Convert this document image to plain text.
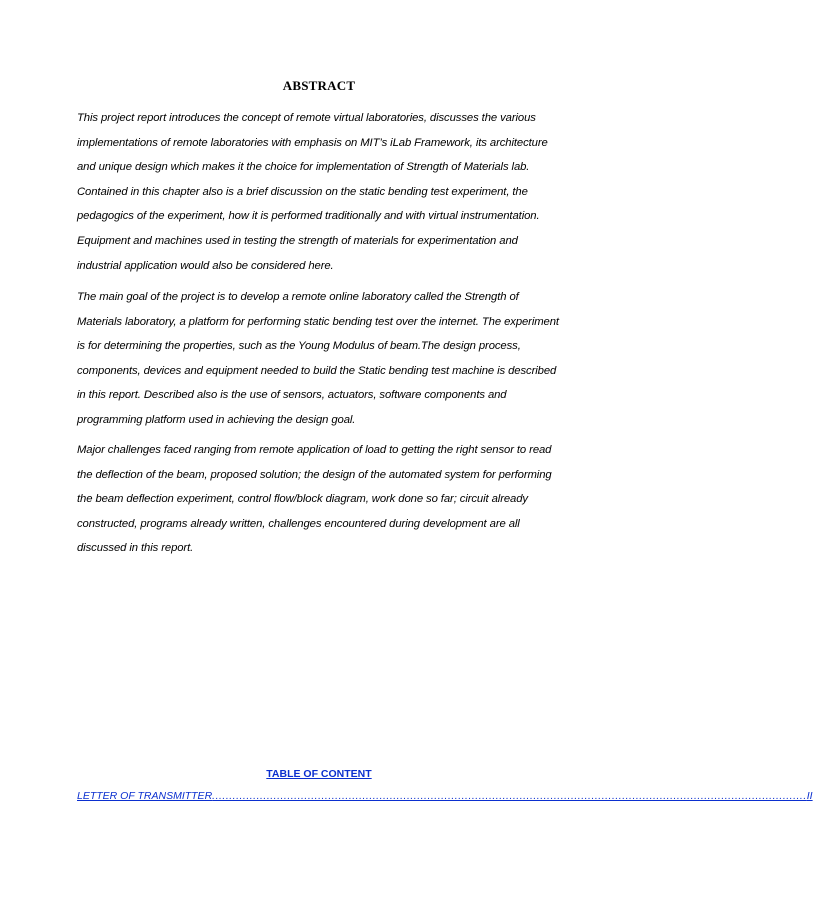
ABSTRACT

This project report introduces the concept of remote virtual laboratories, discusses the various implementations of remote laboratories with emphasis on MIT’s iLab Framework, its architecture and unique design which makes it the choice for implementation of Strength of Materials lab. Contained in this chapter also is a brief discussion on the static bending test experiment, the pedagogics of the experiment, how it is performed traditionally and with virtual instrumentation. Equipment and machines used in testing the strength of materials for experimentation and industrial application would also be considered here.

The main goal of the project is to develop a remote online laboratory called the Strength of Materials laboratory, a platform for performing static bending test over the internet. The experiment is for determining the properties, such as the Young Modulus of beam.The design process, components, devices and equipment needed to build the Static bending test machine is described in this report. Described also is the use of sensors, actuators, software components and programming platform used in achieving the design goal.

Major challenges faced ranging from remote application of load to getting the right sensor to read the deflection of the beam, proposed solution; the design of the automated system for performing the beam deflection experiment, control flow/block diagram, work done so far; circuit already constructed, programs already written, challenges encountered during development are all discussed in this report.

TABLE OF CONTENT
LETTER OF TRANSMITTER .............................................................................................................................................................................. II
